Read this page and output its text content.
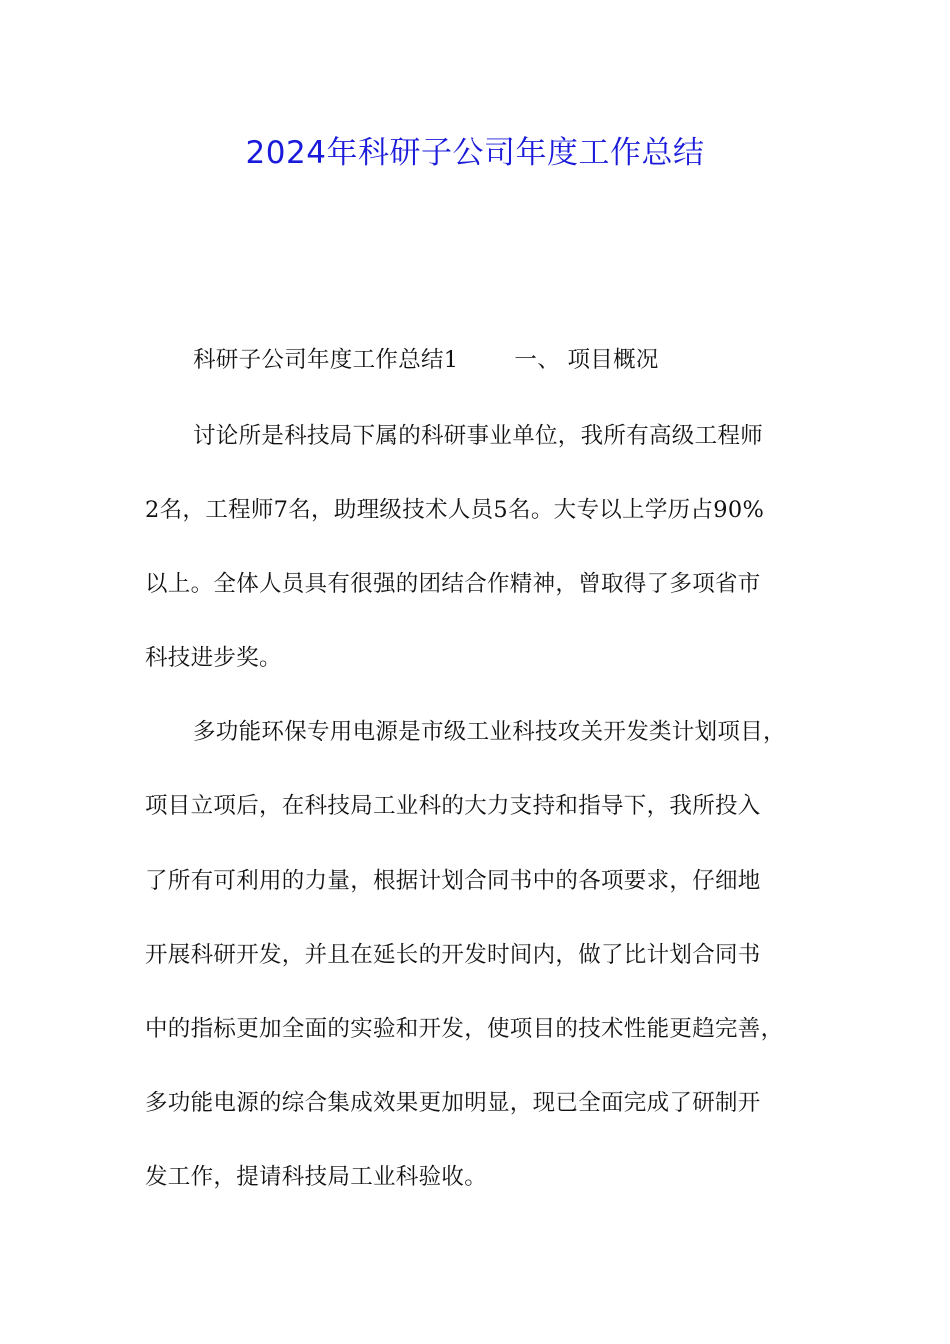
2024年科研子公司年度工作总结
科研子公司年度工作总结1 一、 项目概况
讨论所是科技局下属的科研事业单位，我所有高级工程师
2名，工程师7名，助理级技术人员5名。大专以上学历占90%
以上。全体人员具有很强的团结合作精神，曾取得了多项省市
科技进步奖。
多功能环保专用电源是市级工业科技攻关开发类计划项目，
项目立项后，在科技局工业科的大力支持和指导下，我所投入
了所有可利用的力量，根据计划合同书中的各项要求，仔细地
开展科研开发，并且在延长的开发时间内，做了比计划合同书
中的指标更加全面的实验和开发，使项目的技术性能更趋完善，
多功能电源的综合集成效果更加明显，现已全面完成了研制开
发工作，提请科技局工业科验收。
